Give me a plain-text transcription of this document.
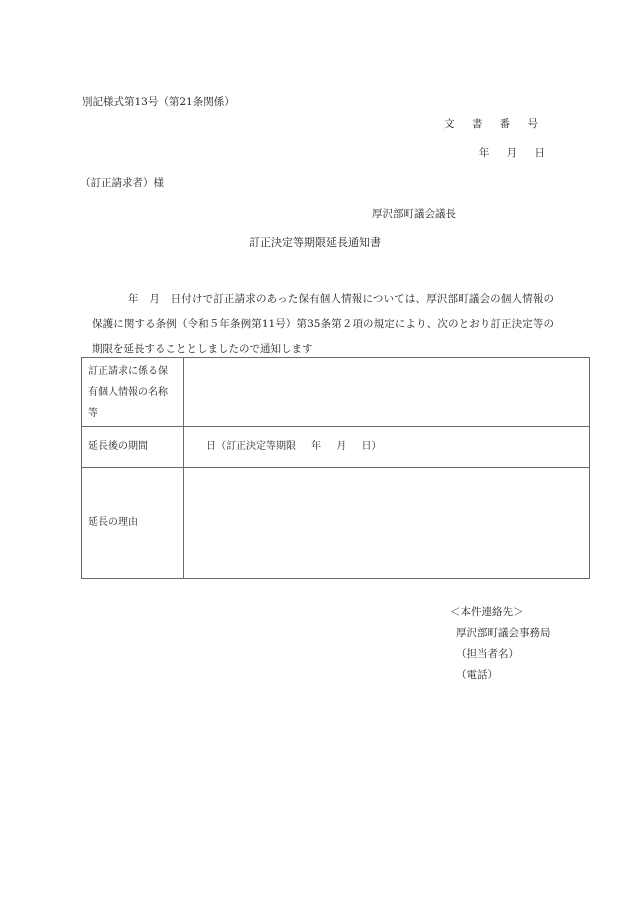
別記様式第13号（第21条関係）
文 書 番 号
年 月 日
（訂正請求者）様
厚沢部町議会議長
訂正決定等期限延長通知書
年　月　日付けで訂正請求のあった保有個人情報については、厚沢部町議会の個人情報の保護に関する条例（令和５年条例第11号）第35条第２項の規定により、次のとおり訂正決定等の期限を延長することとしましたので通知します
訂正請求に係る保有個人情報の名称等	

延長後の期間	日（訂正決定等期限 年 月 日）
延長の理由	
＜本件連絡先＞
厚沢部町議会事務局
（担当者名）
（電話）
